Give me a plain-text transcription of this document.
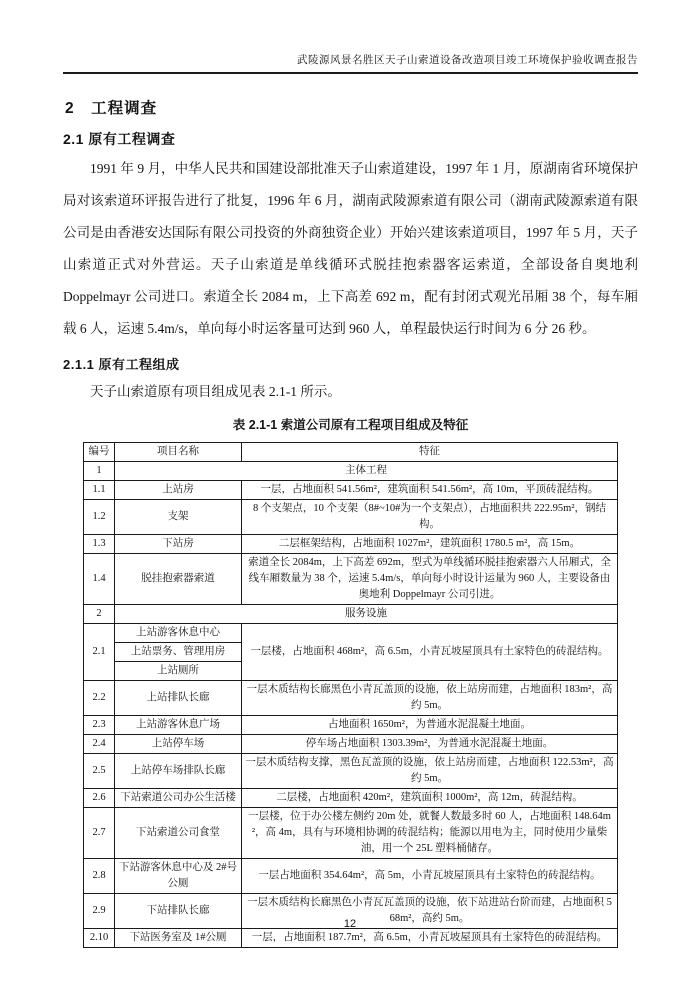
武陵源风景名胜区天子山索道设备改造项目竣工环境保护验收调查报告
2　工程调查
2.1 原有工程调查

1991 年 9 月，中华人民共和国建设部批准天子山索道建设，1997 年 1 月，原湖南省环境保护局对该索道环评报告进行了批复，1996 年 6 月，湖南武陵源索道有限公司（湖南武陵源索道有限公司是由香港安达国际有限公司投资的外商独资企业）开始兴建该索道项目，1997 年 5 月，天子山索道正式对外营运。天子山索道是单线循环式脱挂抱索器客运索道，全部设备自奥地利 Doppelmayr 公司进口。索道全长 2084 m，上下高差 692 m，配有封闭式观光吊厢 38 个，每车厢载 6 人，运速 5.4m/s，单向每小时运客量可达到 960 人，单程最快运行时间为 6 分 26 秒。

2.1.1 原有工程组成

天子山索道原有项目组成见表 2.1-1 所示。

表 2.1-1 索道公司原有工程项目组成及特征
编号	项目名称	特征
1	主体工程	
1.1	上站房	一层，占地面积 541.56m²，建筑面积 541.56m²，高 10m，平顶砖混结构。
1.2	支架	8 个支架点，10 个支架（8#~10#为一个支架点），占地面积共 222.95m²，钢结构。
1.3	下站房	二层框架结构，占地面积 1027m²，建筑面积 1780.5 m²，高 15m。
1.4	脱挂抱索器索道	索道全长 2084m，上下高差 692m，型式为单线循环脱挂抱索器六人吊厢式，全线车厢数量为 38 个，运速 5.4m/s，单向每小时设计运量为 960 人，主要设备由奥地利 Doppelmayr 公司引进。
2	服务设施	
2.1	上站游客休息中心	一层楼，占地面积 468m²，高 6.5m，小青瓦坡屋顶具有土家特色的砖混结构。
	上站票务、管理用房	
	上站厕所	
2.2	上站排队长廊	一层木质结构长廊黑色小青瓦盖顶的设施，依上站房而建，占地面积 183m²，高约 5m。
2.3	上站游客休息广场	占地面积 1650m²，为普通水泥混凝土地面。
2.4	上站停车场	停车场占地面积 1303.39m²，为普通水泥混凝土地面。
2.5	上站停车场排队长廊	一层木质结构支撑，黑色瓦盖顶的设施，依上站房而建，占地面积 122.53m²，高约 5m。
2.6	下站索道公司办公生活楼	二层楼，占地面积 420m²，建筑面积 1000m²，高 12m，砖混结构。
2.7	下站索道公司食堂	一层楼，位于办公楼左侧约 20m 处，就餐人数最多时 60 人，占地面积 148.64m²，高 4m，具有与环境相协调的砖混结构；能源以用电为主，同时使用少量柴油，用一个 25L 塑料桶储存。
2.8	下站游客休息中心及 2#号公厕	一层占地面积 354.64m²，高 5m，小青瓦坡屋顶具有土家特色的砖混结构。
2.9	下站排队长廊	一层木质结构长廊黑色小青瓦瓦盖顶的设施，依下站进站台阶而建，占地面积 568m²，高约 5m。
2.10	下站医务室及 1#公厕	一层，占地面积 187.7m²，高 6.5m，小青瓦坡屋顶具有土家特色的砖混结构。
12
